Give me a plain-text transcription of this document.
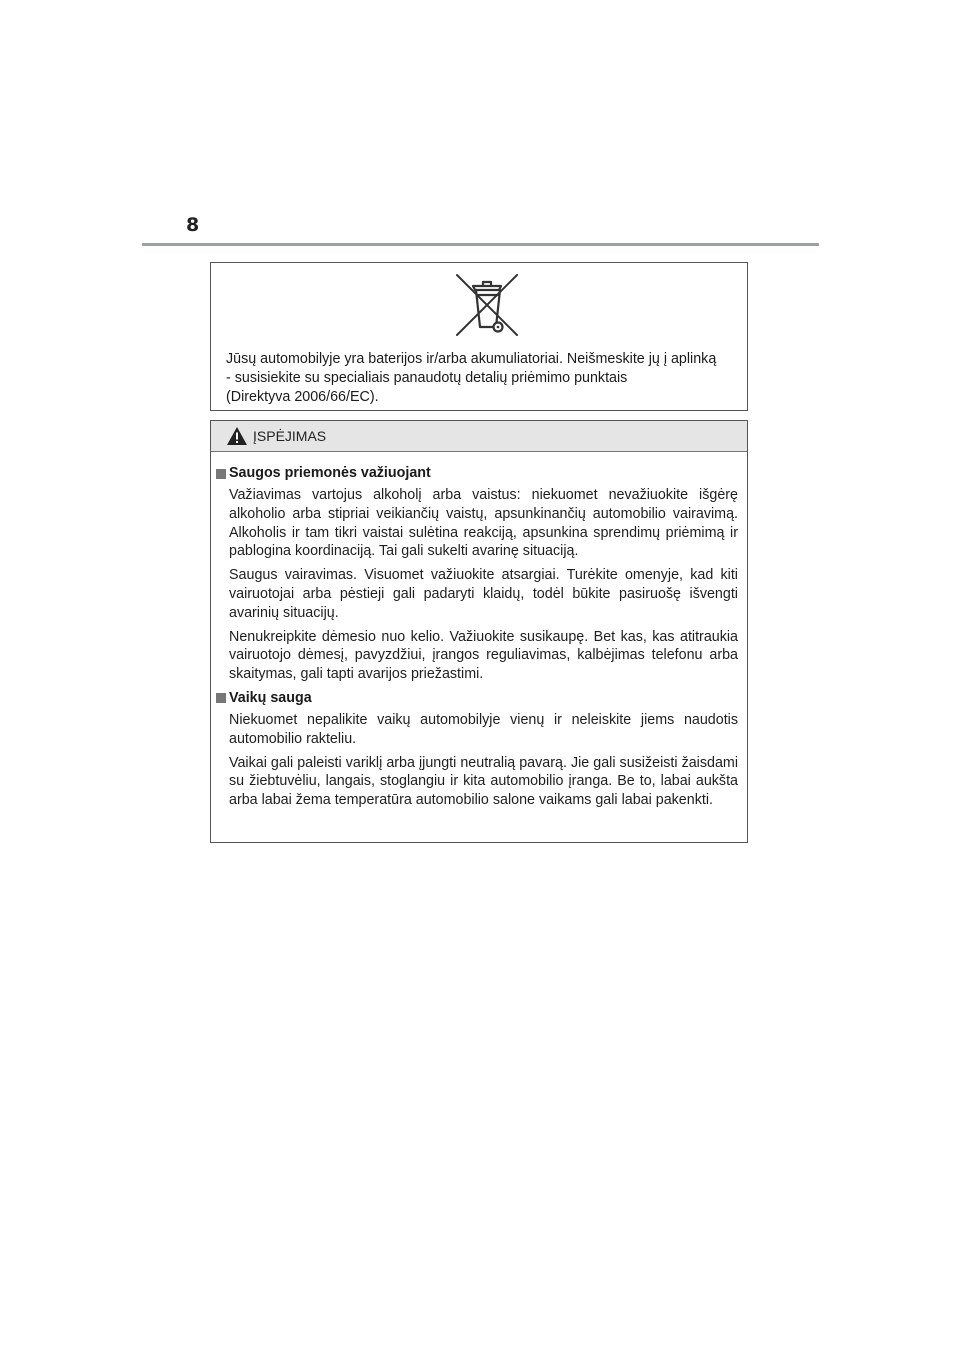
8
Jūsų automobilyje yra baterijos ir/arba akumuliatoriai. Neišmeskite jų į aplinką
- susisiekite su specialiais panaudotų detalių priėmimo punktais
(Direktyva 2006/66/EC).
ĮSPĖJIMAS
Saugos priemonės važiuojant

Važiavimas vartojus alkoholį arba vaistus: niekuomet nevažiuokite išgėrę alkoholio arba stipriai veikiančių vaistų, apsunkinančių automobilio vairavimą. Alkoholis ir tam tikri vaistai sulėtina reakciją, apsunkina sprendimų priėmimą ir pablogina koordinaciją. Tai gali sukelti avarinę situaciją.

Saugus vairavimas. Visuomet važiuokite atsargiai. Turėkite omenyje, kad kiti vairuotojai arba pėstieji gali padaryti klaidų, todėl būkite pasiruošę išvengti avarinių situacijų.

Nenukreipkite dėmesio nuo kelio. Važiuokite susikaupę. Bet kas, kas atitraukia vairuotojo dėmesį, pavyzdžiui, įrangos reguliavimas, kalbėjimas telefonu arba skaitymas, gali tapti avarijos priežastimi.

Vaikų sauga

Niekuomet nepalikite vaikų automobilyje vienų ir neleiskite jiems naudotis automobilio rakteliu.

Vaikai gali paleisti variklį arba įjungti neutralią pavarą. Jie gali susižeisti žaisdami su žiebtuvėliu, langais, stoglangiu ir kita automobilio įranga. Be to, labai aukšta arba labai žema temperatūra automobilio salone vaikams gali labai pakenkti.
